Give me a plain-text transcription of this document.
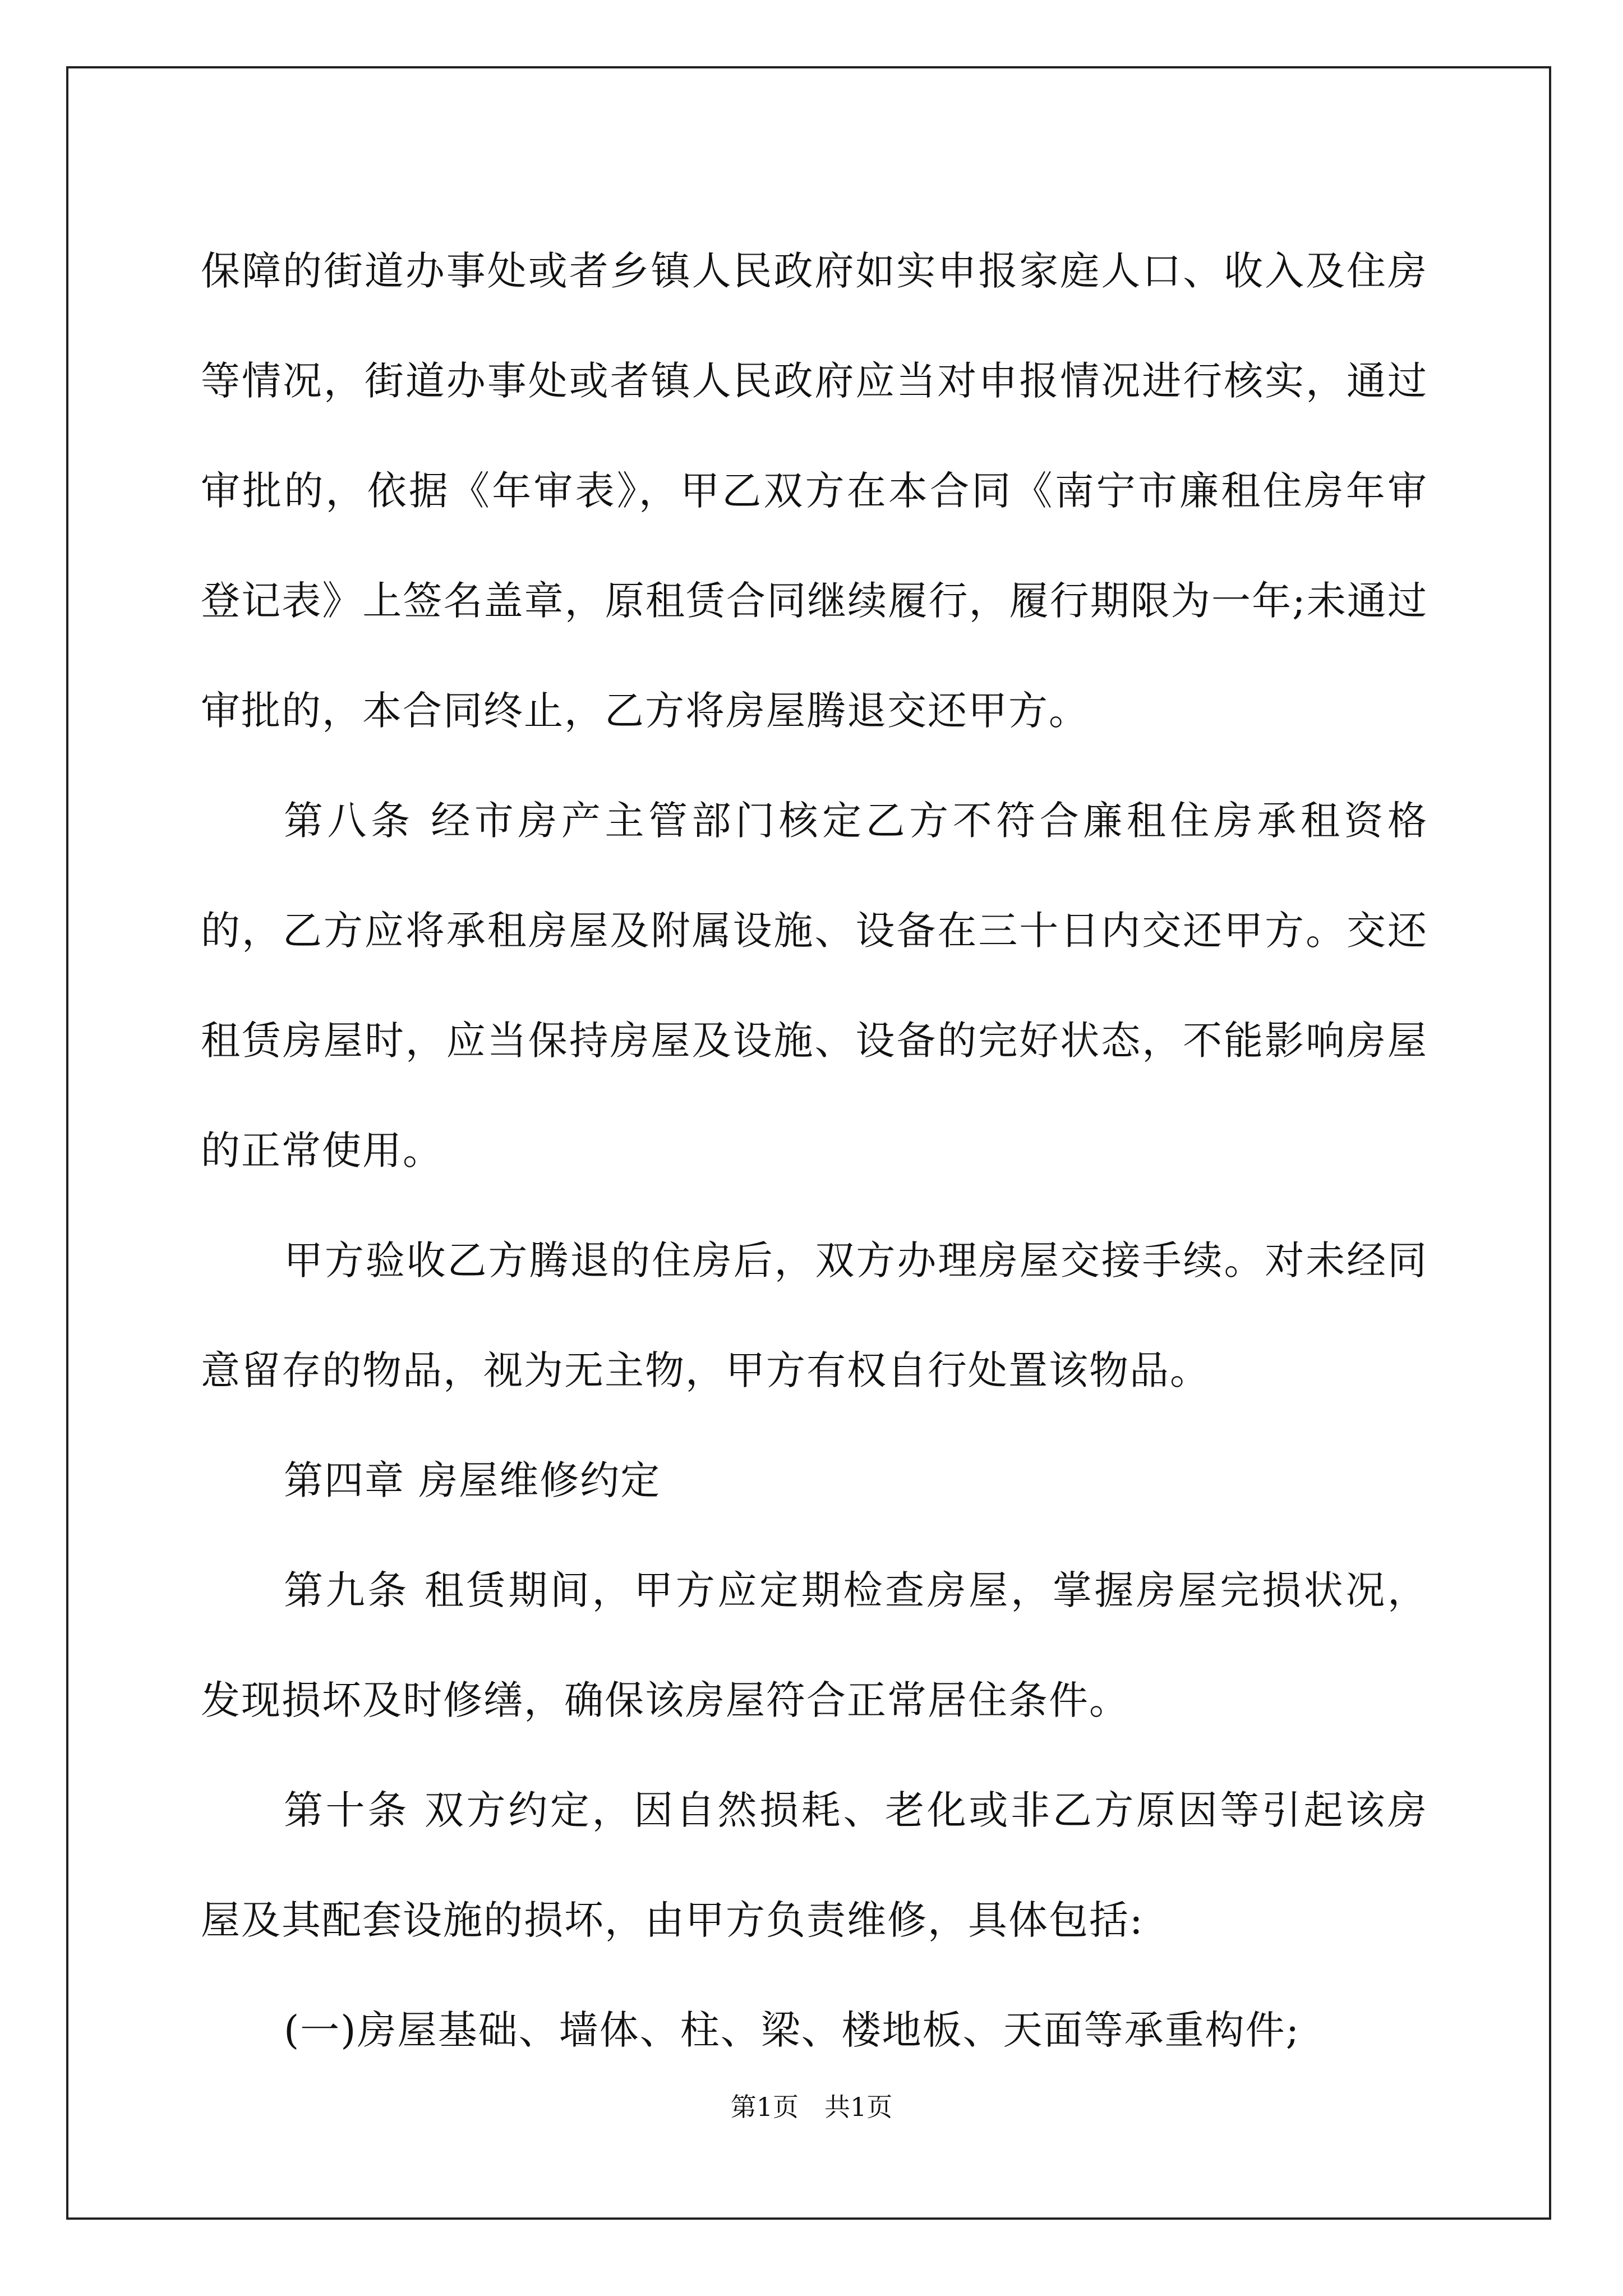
保障的街道办事处或者乡镇人民政府如实申报家庭人口、收入及住房等情况，街道办事处或者镇人民政府应当对申报情况进行核实，通过审批的，依据《年审表》，甲乙双方在本合同《南宁市廉租住房年审登记表》上签名盖章，原租赁合同继续履行，履行期限为一年;未通过审批的，本合同终止，乙方将房屋腾退交还甲方。

第八条 经市房产主管部门核定乙方不符合廉租住房承租资格的，乙方应将承租房屋及附属设施、设备在三十日内交还甲方。交还租赁房屋时，应当保持房屋及设施、设备的完好状态，不能影响房屋的正常使用。

甲方验收乙方腾退的住房后，双方办理房屋交接手续。对未经同意留存的物品，视为无主物，甲方有权自行处置该物品。

第四章 房屋维修约定

第九条 租赁期间，甲方应定期检查房屋，掌握房屋完损状况，发现损坏及时修缮，确保该房屋符合正常居住条件。

第十条 双方约定，因自然损耗、老化或非乙方原因等引起该房屋及其配套设施的损坏，由甲方负责维修，具体包括:

(一)房屋基础、墙体、柱、梁、楼地板、天面等承重构件;

第1页　共1页
